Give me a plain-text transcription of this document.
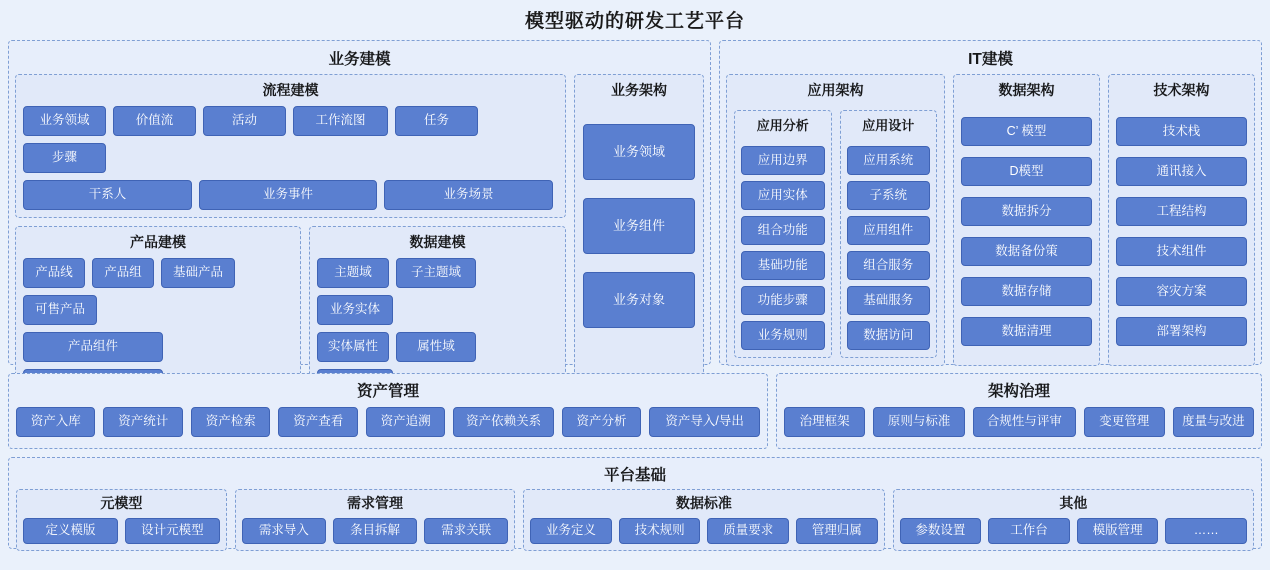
模型驱动的研发工艺平台
业务建模
流程建模
业务领域	价值流	活动	工作流图	任务
步骤
干系人	业务事件	业务场景
产品建模
产品线	产品组	基础产品
可售产品
产品组件
数据建模
主题域	子主题域
业务实体
实体属性	属性域
业务架构
业务领域
业务组件
业务对象
IT建模
应用架构
应用分析
应用边界
应用实体
组合功能
基础功能
功能步骤
业务规则
应用设计
应用系统
子系统
应用组件
组合服务
基础服务
数据访问
数据架构
C’ 模型
D模型
数据拆分
数据备份策
数据存储
数据清理
技术架构
技术栈
通讯接入
工程结构
技术组件
容灾方案
部署架构
资产管理
资产入库	资产统计	资产检索	资产查看	资产追溯	资产依赖关系	资产分析	资产导入/导出
架构治理
治理框架	原则与标准	合规性与评审	变更管理	度量与改进
平台基础
元模型
定义模版	设计元模型
需求管理
需求导入	条目拆解	需求关联
数据标准
业务定义	技术规则	质量要求	管理归属
其他
参数设置	工作台	模版管理	……
